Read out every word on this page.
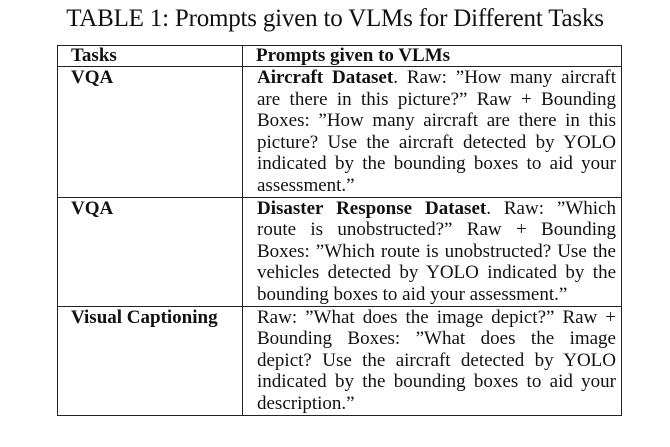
TABLE 1: Prompts given to VLMs for Different Tasks
Tasks	Prompts given to VLMs
VQA	Aircraft Dataset. Raw: ”How many aircraft are there in this picture?” Raw + Bounding Boxes: ”How many aircraft are there in this picture? Use the aircraft detected by YOLO indicated by the bounding boxes to aid your assessment.”
VQA	Disaster Response Dataset. Raw: ”Which route is unobstructed?” Raw + Bounding Boxes: ”Which route is unobstructed? Use the vehicles detected by YOLO indicated by the bounding boxes to aid your assessment.”
Visual Captioning	Raw: ”What does the image depict?” Raw + Bounding Boxes: ”What does the image depict? Use the aircraft detected by YOLO indicated by the bounding boxes to aid your description.”
